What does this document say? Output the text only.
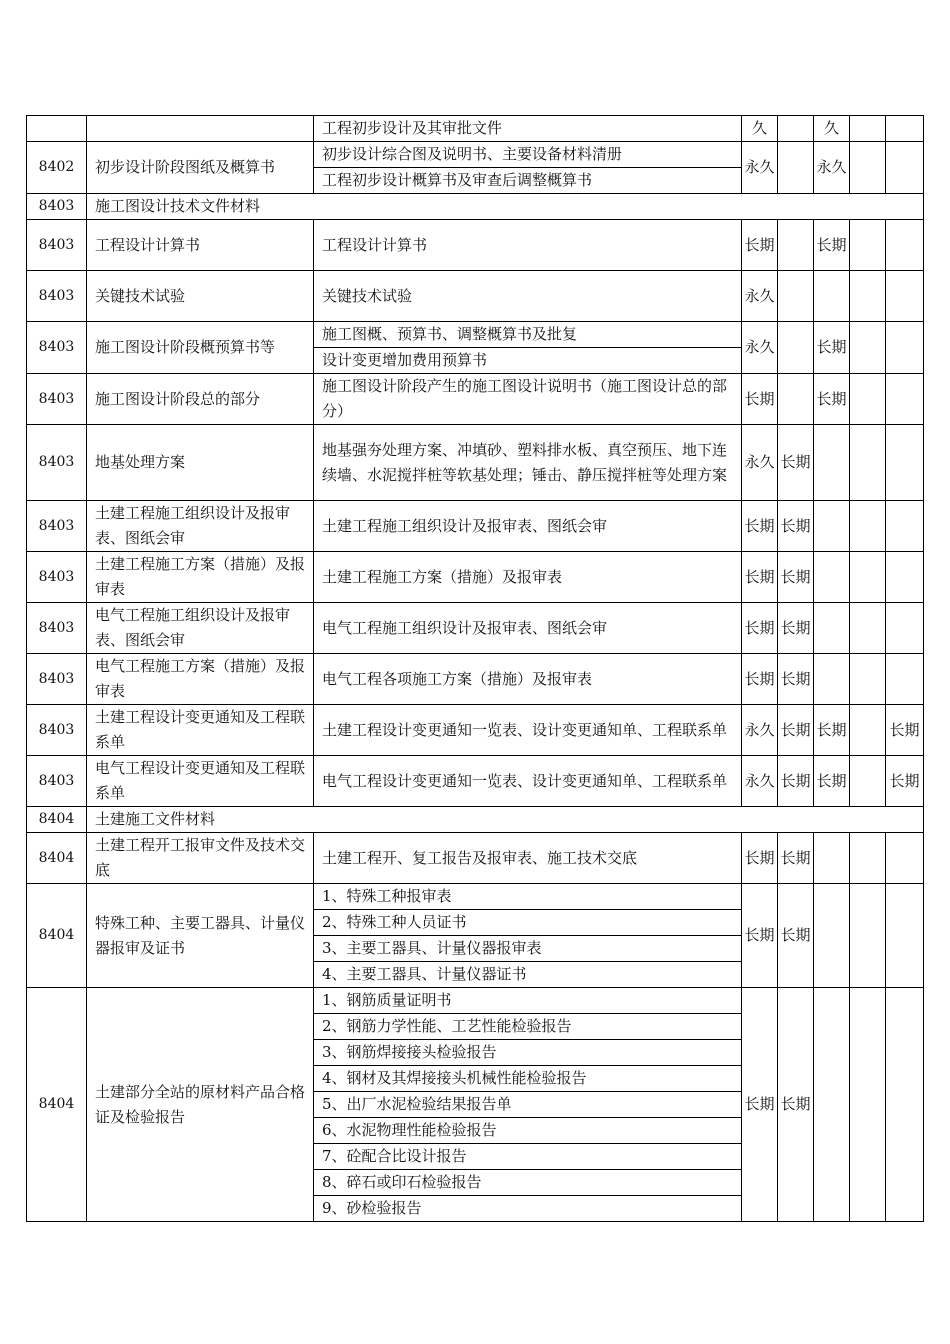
		工程初步设计及其审批文件	久		久		
8402	初步设计阶段图纸及概算书	初步设计综合图及说明书、主要设备材料清册	永久		永久		
		工程初步设计概算书及审查后调整概算书					
8403	施工图设计技术文件材料						
8403	工程设计计算书	工程设计计算书	长期		长期		
8403	关键技术试验	关键技术试验	永久				
8403	施工图设计阶段概预算书等	施工图概、预算书、调整概算书及批复	永久		长期		
		设计变更增加费用预算书					
8403	施工图设计阶段总的部分	施工图设计阶段产生的施工图设计说明书（施工图设计总的部分）	长期		长期		
8403	地基处理方案	地基强夯处理方案、冲填砂、塑料排水板、真空预压、地下连续墙、水泥搅拌桩等软基处理；锤击、静压搅拌桩等处理方案	永久	长期			
8403	土建工程施工组织设计及报审表、图纸会审	土建工程施工组织设计及报审表、图纸会审	长期	长期			
8403	土建工程施工方案（措施）及报审表	土建工程施工方案（措施）及报审表	长期	长期			
8403	电气工程施工组织设计及报审表、图纸会审	电气工程施工组织设计及报审表、图纸会审	长期	长期			
8403	电气工程施工方案（措施）及报审表	电气工程各项施工方案（措施）及报审表	长期	长期			
8403	土建工程设计变更通知及工程联系单	土建工程设计变更通知一览表、设计变更通知单、工程联系单	永久	长期	长期		长期
8403	电气工程设计变更通知及工程联系单	电气工程设计变更通知一览表、设计变更通知单、工程联系单	永久	长期	长期		长期
8404	土建施工文件材料						
8404	土建工程开工报审文件及技术交底	土建工程开、复工报告及报审表、施工技术交底	长期	长期			
8404	特殊工种、主要工器具、计量仪器报审及证书	1、特殊工种报审表	长期	长期			
		2、特殊工种人员证书					
		3、主要工器具、计量仪器报审表					
		4、主要工器具、计量仪器证书					
8404	土建部分全站的原材料产品合格证及检验报告	1、钢筋质量证明书	长期	长期			
		2、钢筋力学性能、工艺性能检验报告					
		3、钢筋焊接接头检验报告					
		4、钢材及其焊接接头机械性能检验报告					
		5、出厂水泥检验结果报告单					
		6、水泥物理性能检验报告					
		7、砼配合比设计报告					
		8、碎石或印石检验报告					
		9、砂检验报告					
